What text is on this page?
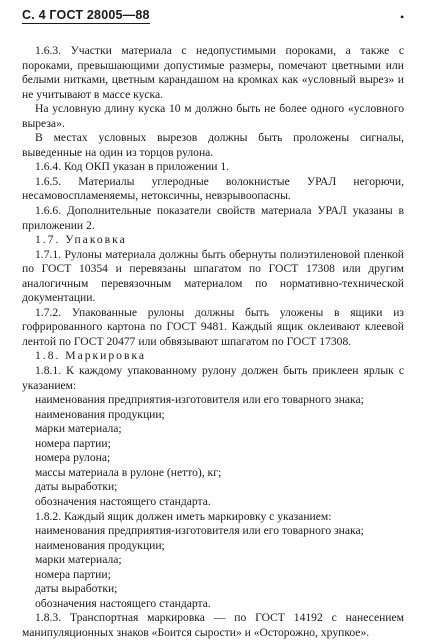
С. 4 ГОСТ 28005—88	•

1.6.3. Участки материала с недопустимыми пороками, а также с пороками, превышающими допустимые размеры, помечают цветными или белыми нитками, цветным карандашом на кромках как «условный вырез» и не учитывают в массе куска.

На условную длину куска 10 м должно быть не более одного «условного выреза».

В местах условных вырезов должны быть проложены сигналы, выведенные на один из торцов рулона.

1.6.4. Код ОКП указан в приложении 1.

1.6.5. Материалы углеродные волокнистые УРАЛ негорючи, несамовоспламеняемы, нетоксичны, невзрывоопасны.

1.6.6. Дополнительные показатели свойств материала УРАЛ указаны в приложении 2.

1.7. Упаковка

1.7.1. Рулоны материала должны быть обернуты полиэтиленовой пленкой по ГОСТ 10354 и перевязаны шпагатом по ГОСТ 17308 или другим аналогичным перевязочным материалом по нормативно-технической документации.

1.7.2. Упакованные рулоны должны быть уложены в ящики из гофрированного картона по ГОСТ 9481. Каждый ящик оклеивают клеевой лентой по ГОСТ 20477 или обвязывают шпагатом по ГОСТ 17308.

1.8. Маркировка

1.8.1. К каждому упакованному рулону должен быть приклеен ярлык с указанием:

наименования предприятия-изготовителя или его товарного знака;

наименования продукции;

марки материала;

номера партии;

номера рулона;

массы материала в рулоне (нетто), кг;

даты выработки;

обозначения настоящего стандарта.

1.8.2. Каждый ящик должен иметь маркировку с указанием:

наименования предприятия-изготовителя или его товарного знака;

наименования продукции;

марки материала;

номера партии;

даты выработки;

обозначения настоящего стандарта.

1.8.3. Транспортная маркировка — по ГОСТ 14192 с нанесением манипуляционных знаков «Боится сырости» и «Осторожно, хрупкое».
